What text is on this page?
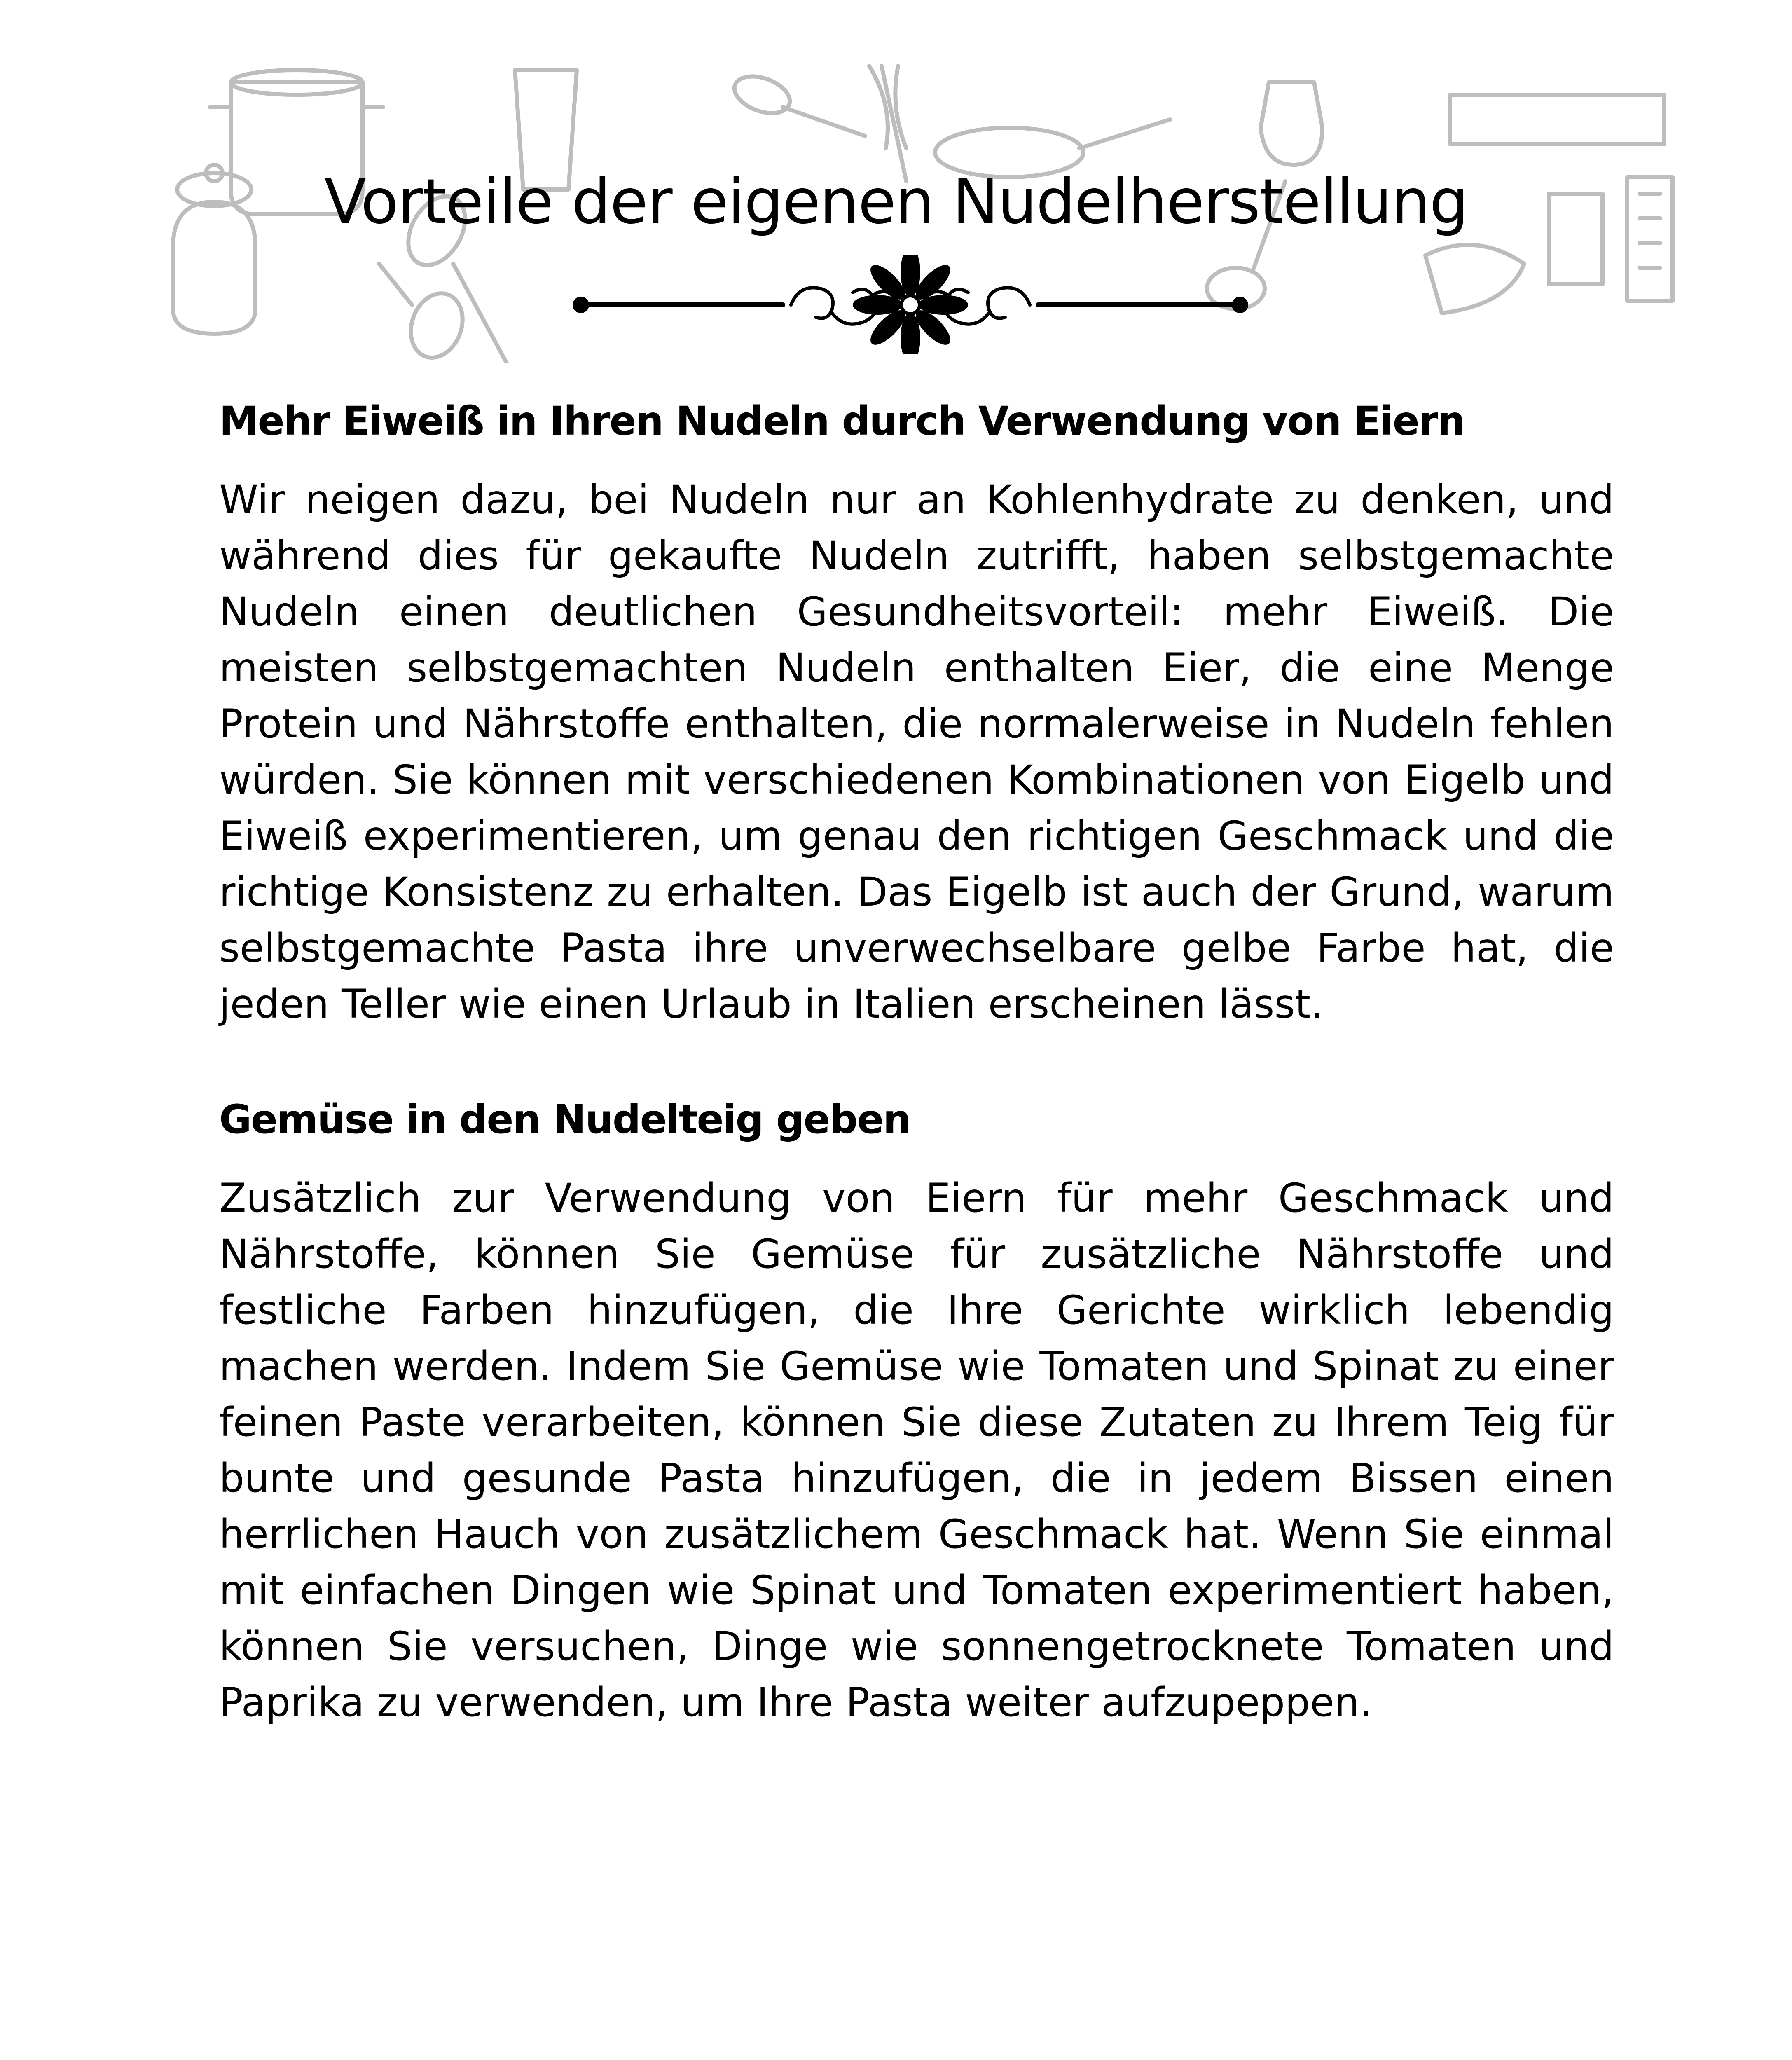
Vorteile der eigenen Nudelherstellung
Mehr Eiweiß in Ihren Nudeln durch Verwendung von Eiern

Wir neigen dazu, bei Nudeln nur an Kohlenhydrate zu denken, und während dies für gekaufte Nudeln zutrifft, haben selbstgemachte Nudeln einen deutlichen Gesundheitsvorteil: mehr Eiweiß. Die meisten selbstgemachten Nudeln enthalten Eier, die eine Menge Protein und Nährstoffe enthalten, die normalerweise in Nudeln fehlen würden. Sie können mit verschiedenen Kombinationen von Eigelb und Eiweiß experimentieren, um genau den richtigen Geschmack und die richtige Konsistenz zu erhalten. Das Eigelb ist auch der Grund, warum selbstgemachte Pasta ihre unverwechselbare gelbe Farbe hat, die jeden Teller wie einen Urlaub in Italien erscheinen lässt.

Gemüse in den Nudelteig geben

Zusätzlich zur Verwendung von Eiern für mehr Geschmack und Nährstoffe, können Sie Gemüse für zusätzliche Nährstoffe und festliche Farben hinzufügen, die Ihre Gerichte wirklich lebendig machen werden. Indem Sie Gemüse wie Tomaten und Spinat zu einer feinen Paste verarbeiten, können Sie diese Zutaten zu Ihrem Teig für bunte und gesunde Pasta hinzufügen, die in jedem Bissen einen herrlichen Hauch von zusätzlichem Geschmack hat. Wenn Sie einmal mit einfachen Dingen wie Spinat und Tomaten experimentiert haben, können Sie versuchen, Dinge wie sonnengetrocknete Tomaten und Paprika zu verwenden, um Ihre Pasta weiter aufzupeppen.
